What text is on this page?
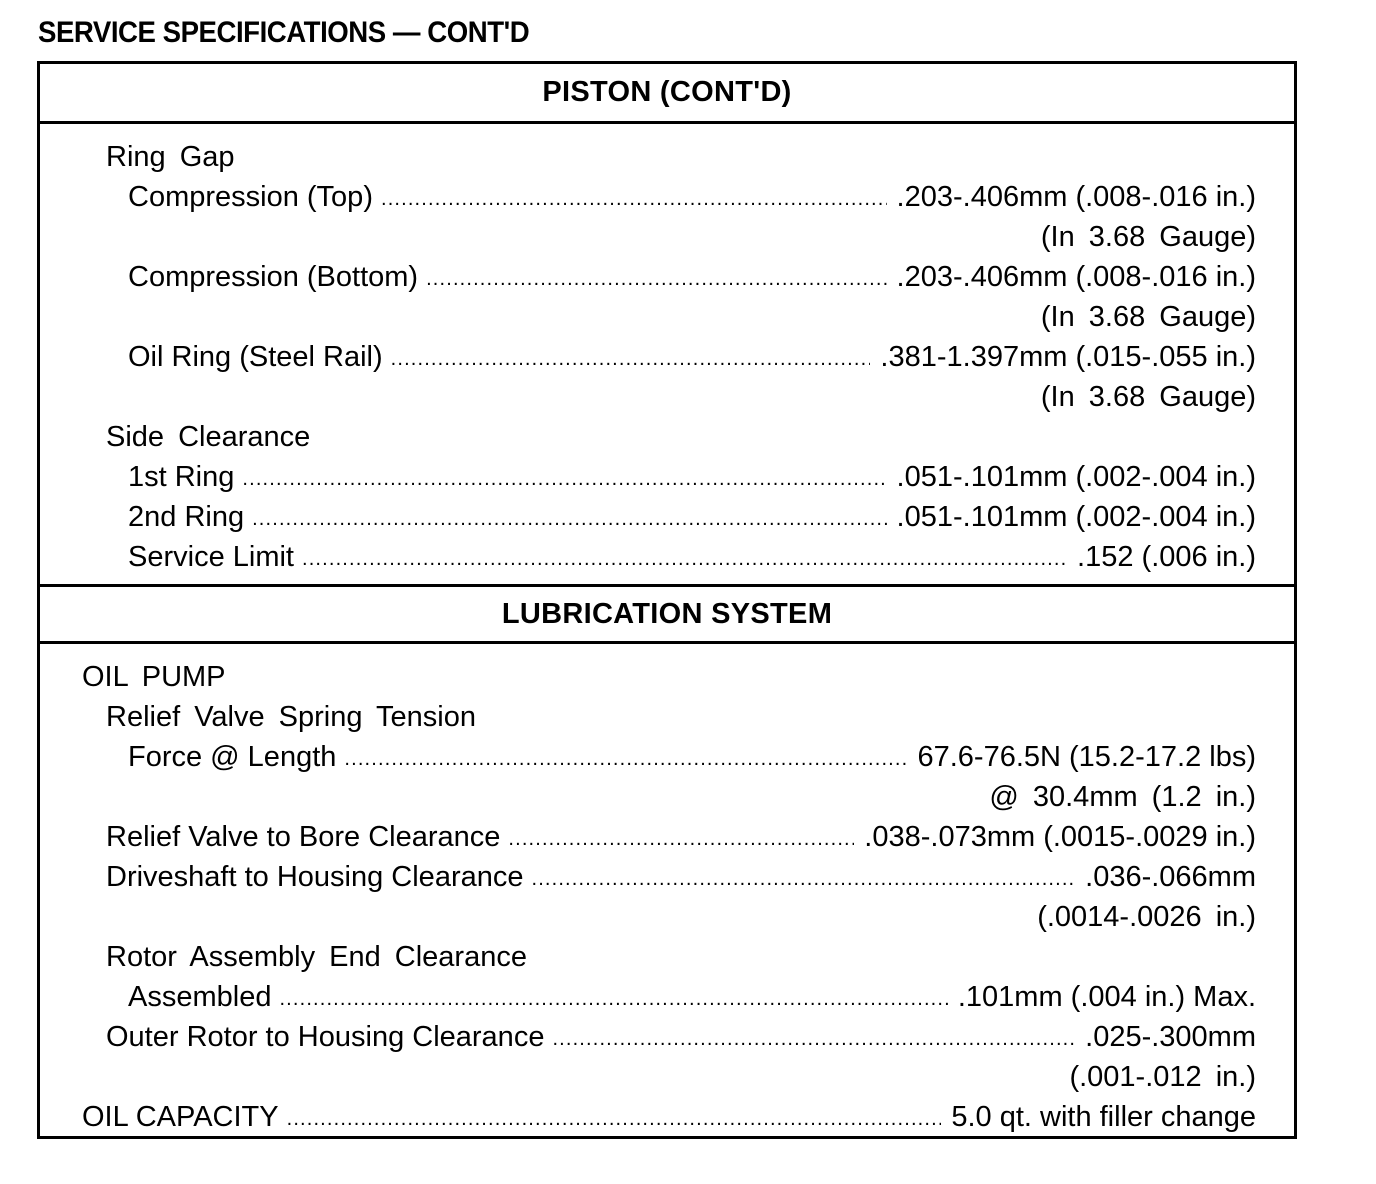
SERVICE SPECIFICATIONS — CONT'D
PISTON (CONT'D)
Ring Gap
Compression (Top) . . .	.203-.406mm (.008-.016 in.)
(In 3.68 Gauge)
Compression (Bottom) . . .	.203-.406mm (.008-.016 in.)
(In 3.68 Gauge)
Oil Ring (Steel Rail) . . .	.381-1.397mm (.015-.055 in.)
(In 3.68 Gauge)
Side Clearance
1st Ring . . .	.051-.101mm (.002-.004 in.)
2nd Ring . . .	.051-.101mm (.002-.004 in.)
Service Limit . . .	.152 (.006 in.)
LUBRICATION SYSTEM
OIL PUMP
Relief Valve Spring Tension
Force @ Length . . .	67.6-76.5N (15.2-17.2 lbs)
@ 30.4mm (1.2 in.)
Relief Valve to Bore Clearance . . .	.038-.073mm (.0015-.0029 in.)
Driveshaft to Housing Clearance . . .	.036-.066mm
(.0014-.0026 in.)
Rotor Assembly End Clearance
Assembled . . .	.101mm (.004 in.) Max.
Outer Rotor to Housing Clearance . . .	.025-.300mm
(.001-.012 in.)
OIL CAPACITY . . .	5.0 qt. with filler change
